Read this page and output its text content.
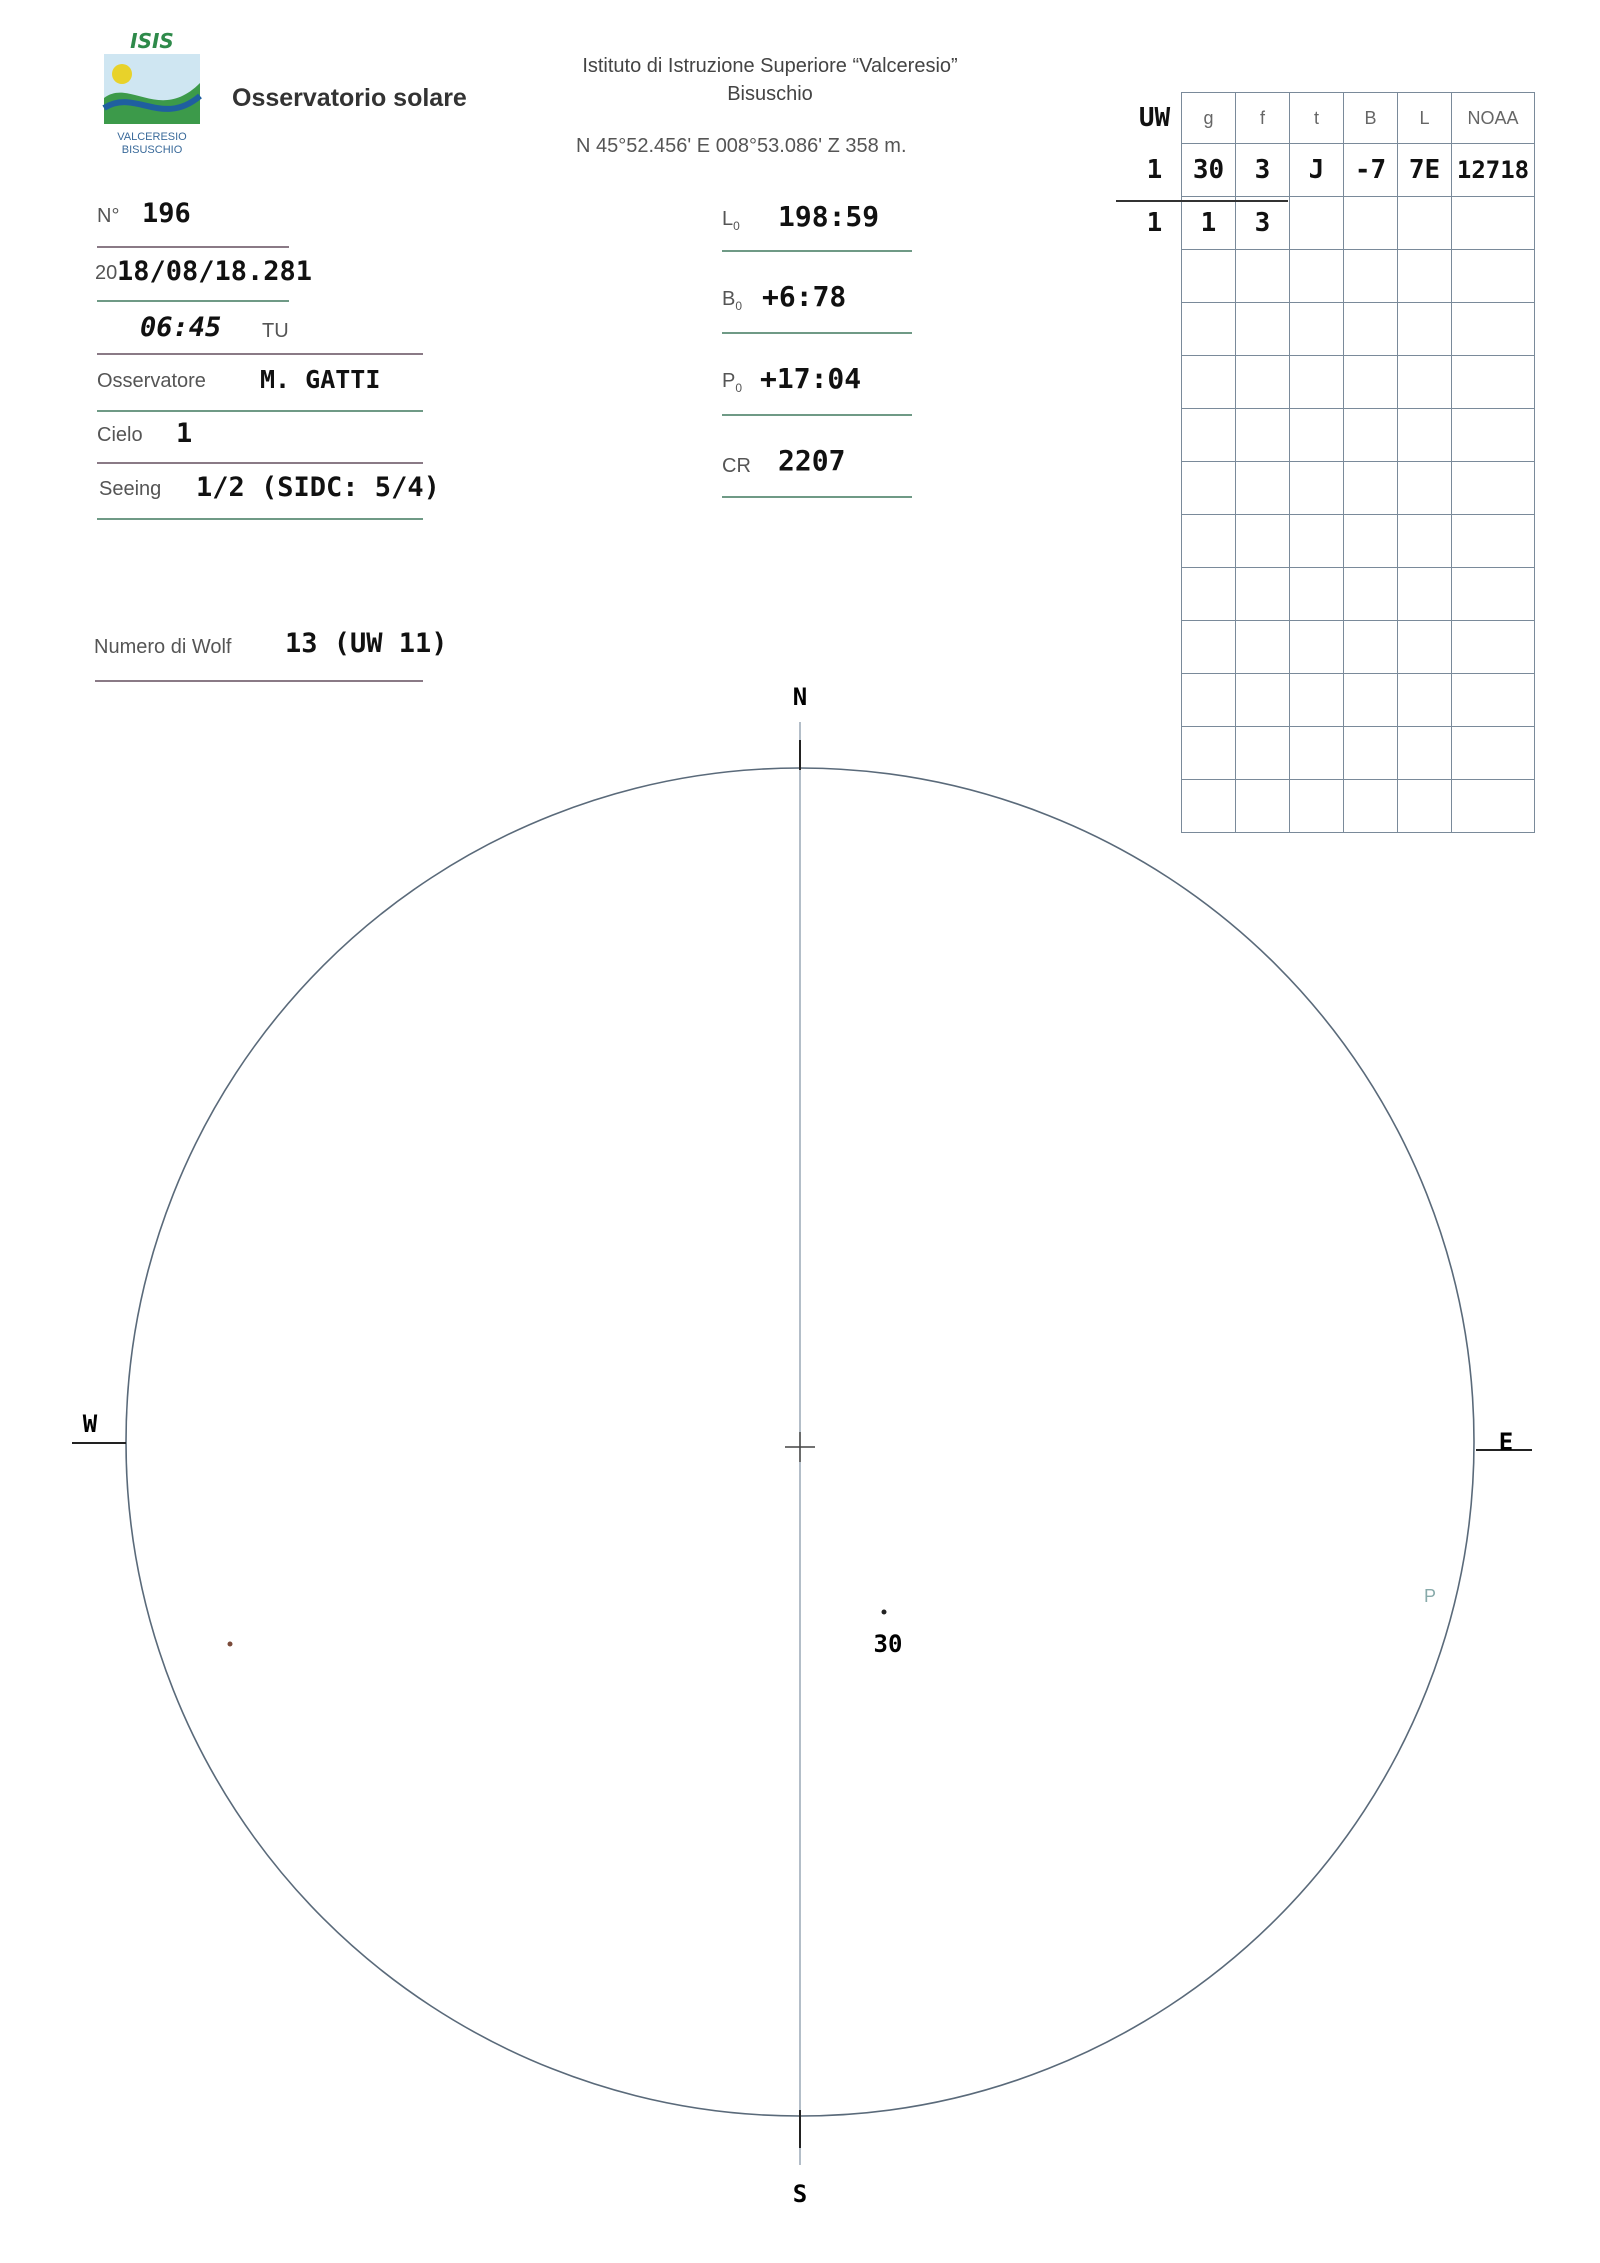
ISIS
VALCERESIO
BISUSCHIO
Osservatorio solare
Istituto di Istruzione Superiore “Valceresio”
Bisuschio
N 45°52.456' E 008°53.086' Z 358 m.
N° 196
20 18/08/18.281
06:45 TU
Osservatore M. GATTI
Cielo 1
Seeing 1/2 (SIDC: 5/4)
Numero di Wolf 13 (UW 11)
$L_0$ 198:59
$B_0$ +6:78
$P_0$ +17:04
CR 2207
UW	g	f	t	B	L	NOAA
1	30	3	J	-7	7E	12718
1	1	3				

N
S
W
E
30
P
